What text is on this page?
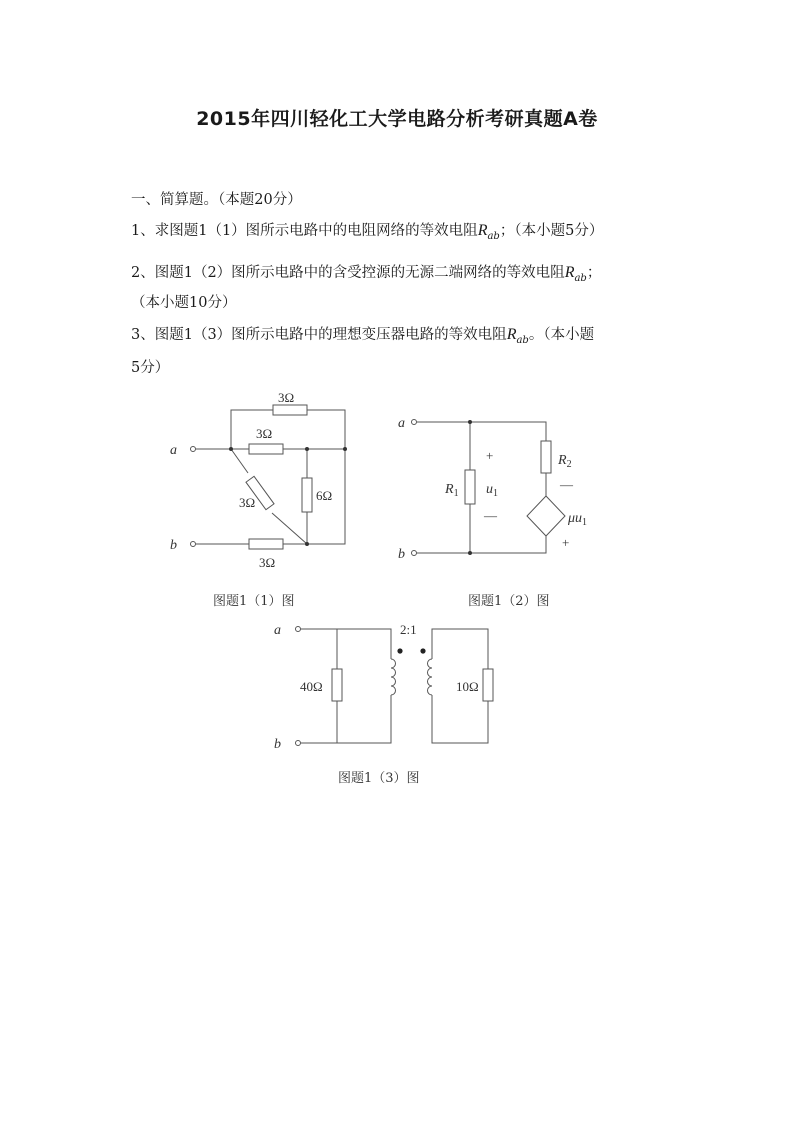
2015年四川轻化工大学电路分析考研真题A卷
一、简算题。（本题20分）
1、求图题1（1）图所示电路中的电阻网络的等效电阻$R_{ab}$；（本小题5分）
2、图题1（2）图所示电路中的含受控源的无源二端网络的等效电阻$R_{ab}$；
（本小题10分）
3、图题1（3）图所示电路中的理想变压器电路的等效电阻$R_{ab}$。（本小题
5分）
a
b
3Ω
3Ω
3Ω	6Ω
3Ω
图题1（1）图
a
b
$R_1$ $u_1$
+
—
$R_2$
—
$\mu u_1$
+
图题1（2）图
a
b
2:1
40Ω	10Ω
图题1（3）图
